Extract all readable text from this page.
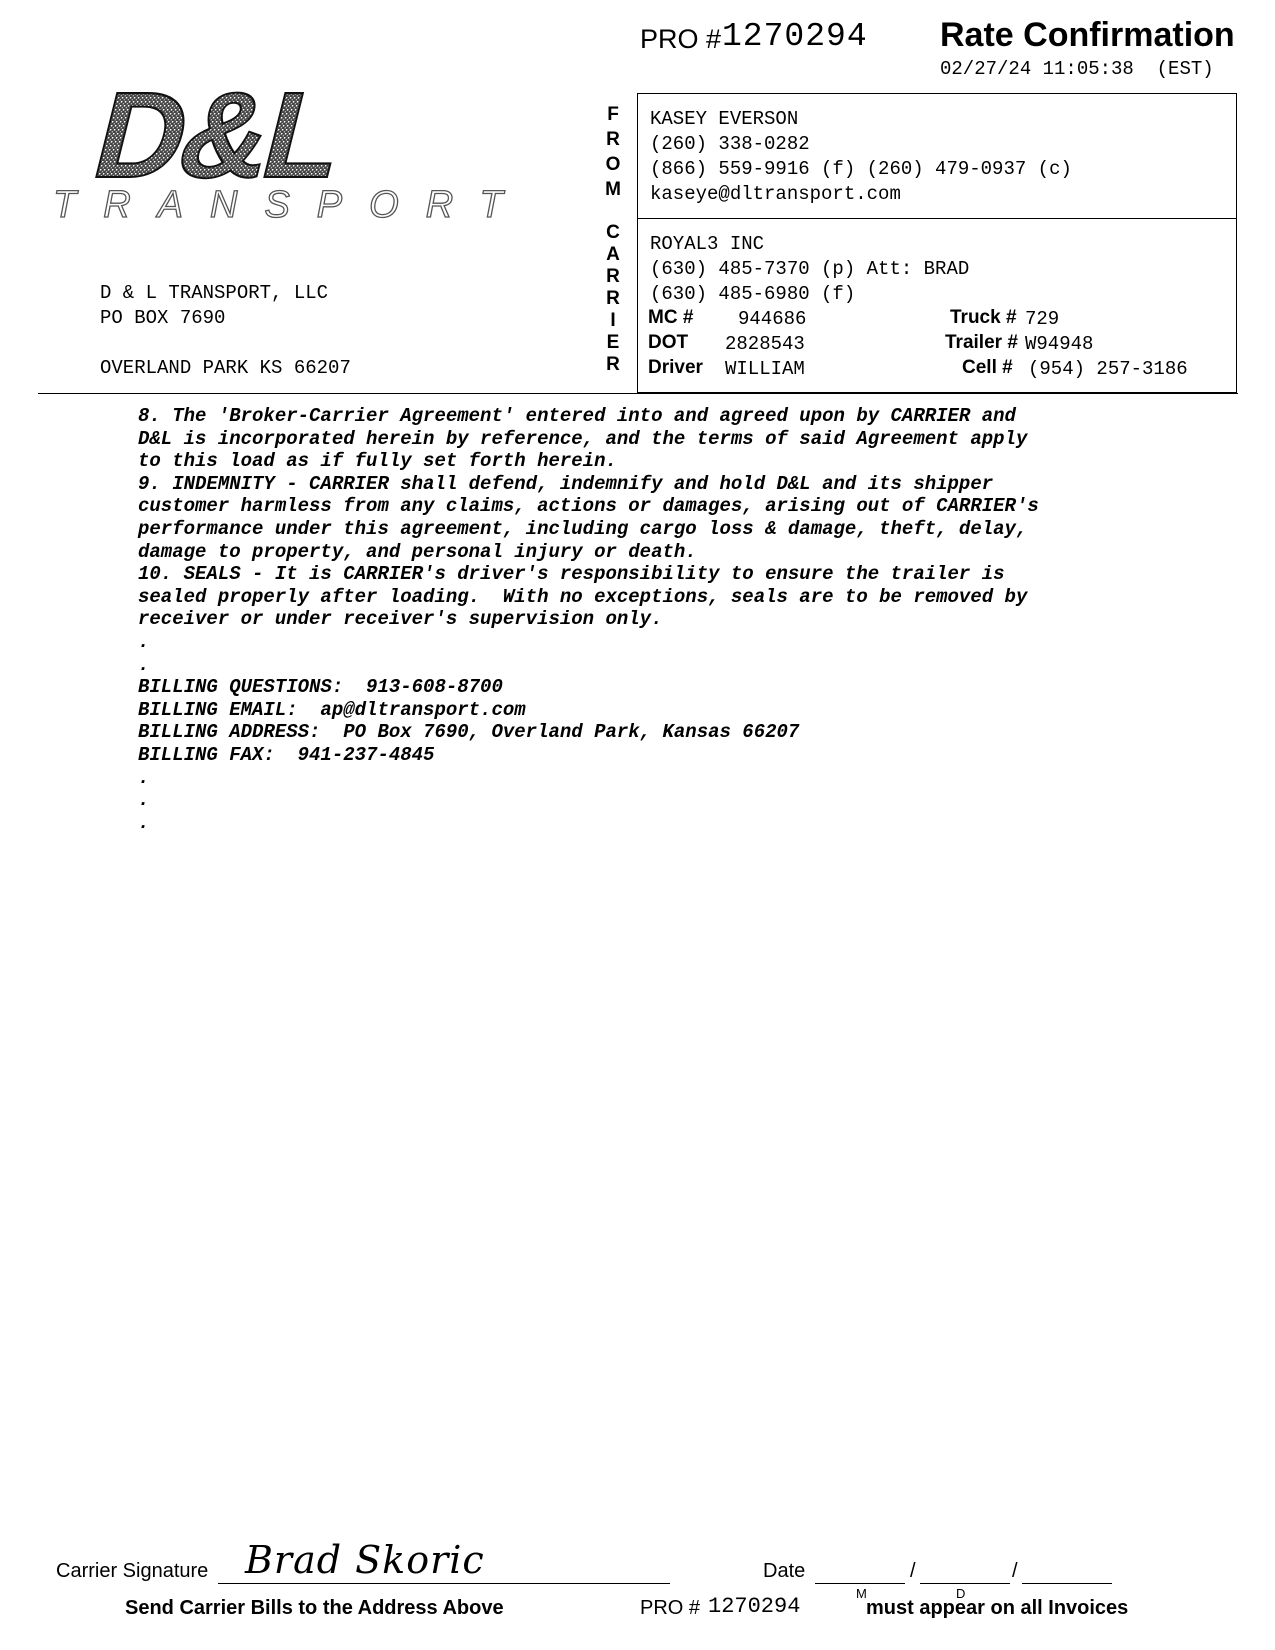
PRO # 1270294 Rate Confirmation
02/27/24 11:05:38  (EST)
D&L
TRANSPORT
D & L TRANSPORT, LLC
PO BOX 7690
OVERLAND PARK KS 66207
F
R
O
M
C
A
R
R
I
E
R
KASEY EVERSON
(260) 338-0282
(866) 559-9916 (f) (260) 479-0937 (c)
kaseye@dltransport.com
ROYAL3 INC
(630) 485-7370 (p) Att: BRAD
(630) 485-6980 (f)
MC # 944686	Truck # 729
DOT 2828543	Trailer # W94948
Driver WILLIAM	Cell # (954) 257-3186
8. The 'Broker-Carrier Agreement' entered into and agreed upon by CARRIER and
D&L is incorporated herein by reference, and the terms of said Agreement apply
to this load as if fully set forth herein.
9. INDEMNITY - CARRIER shall defend, indemnify and hold D&L and its shipper
customer harmless from any claims, actions or damages, arising out of CARRIER's
performance under this agreement, including cargo loss & damage, theft, delay,
damage to property, and personal injury or death.
10. SEALS - It is CARRIER's driver's responsibility to ensure the trailer is
sealed properly after loading.  With no exceptions, seals are to be removed by
receiver or under receiver's supervision only.
.
.
BILLING QUESTIONS:  913-608-8700
BILLING EMAIL:  ap@dltransport.com
BILLING ADDRESS:  PO Box 7690, Overland Park, Kansas 66207
BILLING FAX:  941-237-4845
.
.
.
Carrier Signature Brad Skoric	Date	/	/
M	D
Send Carrier Bills to the Address Above	PRO # 1270294	must appear on all Invoices
